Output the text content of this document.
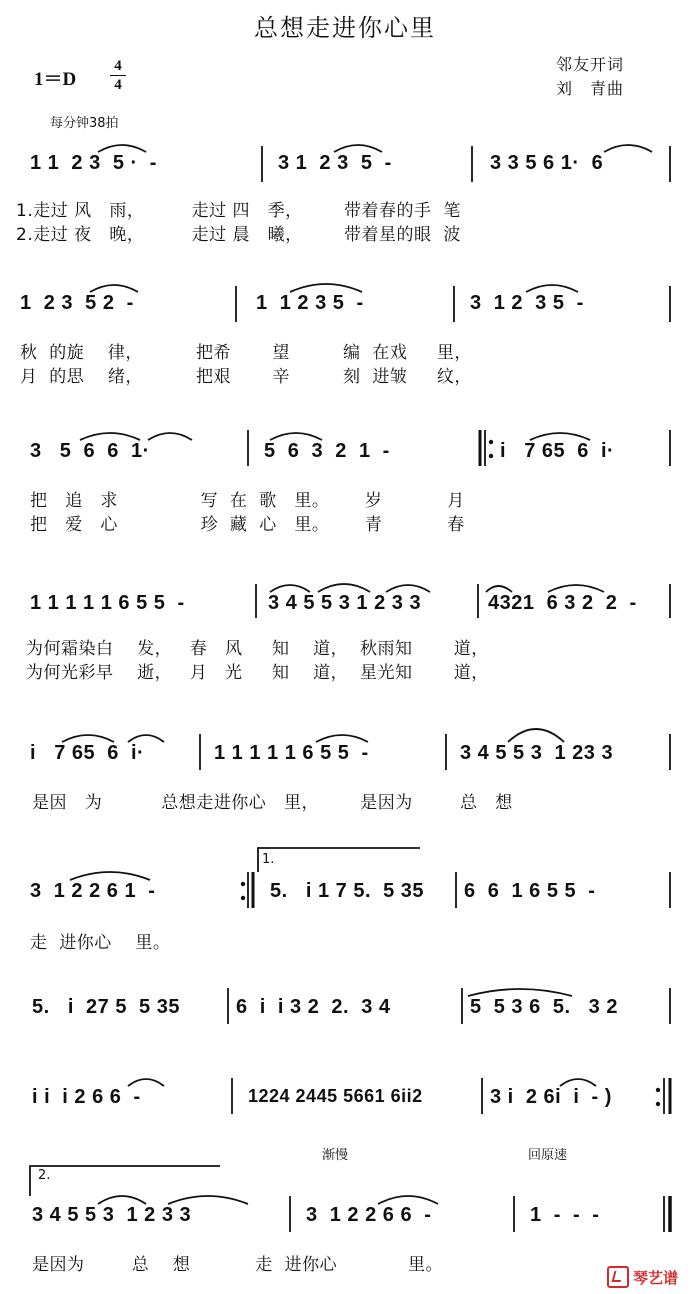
总想走进你心里
邻友开词
刘　青曲
1＝D
4
4
每分钟38拍
1 1  2 3  5 ·  -	3 1  2 3  5  -	3 3 5 6 1·  6
1.走过 风   雨，        走过 四   季，       带着春的手  笔
2.走过 夜   晚，        走过 晨   曦，       带着星的眼  波
1  2 3  5 2  -	1  1 2 3 5  -	3  1 2  3 5  -
秋  的旋    律，         把希       望         编  在戏     里，
月  的思    绪，         把艰       辛         刻  进皱     纹，
3   5  6  6  1·	5  6  3  2  1  -	i   7 65  6  i·
把   追   求              写  在  歌   里。      岁           月
把   爱   心              珍  藏  心   里。      青           春
1 1 1 1 1 6 5 5  -	3 4 5 5 3 1 2 3 3	4321  6 3 2  2  -
为何霜染白    发，   春   风     知    道，  秋雨知       道，
为何光彩早    逝，   月   光     知    道，  星光知       道，
i   7 65  6  i·	1 1 1 1 1 6 5 5  -	3 4 5 5 3  1 23 3
是因   为          总想走进你心   里，       是因为        总   想
1.
3  1 2 2 6 1  -	5.   i 1 7 5.  5 35 6  6  1 6 5 5  -
走  进你心    里。
5.   i  27 5  5 35	6  i  i 3 2  2.  3 4	5  5 3 6  5.   3 2
i i  i 2 6 6  -	1224 2445 5661 6ii2	3 i  2 6i  i  - )
2.
渐慢	回原速
3 4 5 5 3  1 2 3 3	3  1 2 2 6 6  -	1  -  -  -
是因为        总    想           走  进你心            里。
琴艺谱
